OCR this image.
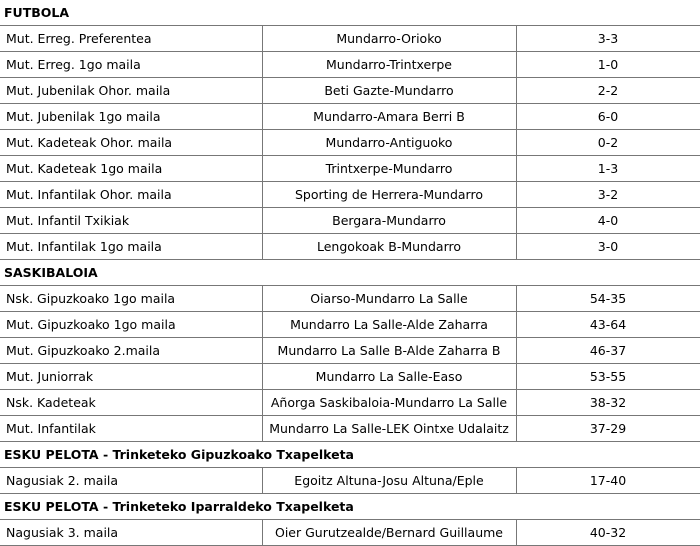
FUTBOLA		
Mut. Erreg. Preferentea	Mundarro-Orioko	3-3
Mut. Erreg. 1go maila	Mundarro-Trintxerpe	1-0
Mut. Jubenilak Ohor. maila	Beti Gazte-Mundarro	2-2
Mut. Jubenilak 1go maila	Mundarro-Amara Berri B	6-0
Mut. Kadeteak Ohor. maila	Mundarro-Antiguoko	0-2
Mut. Kadeteak 1go maila	Trintxerpe-Mundarro	1-3
Mut. Infantilak Ohor. maila	Sporting de Herrera-Mundarro	3-2
Mut. Infantil Txikiak	Bergara-Mundarro	4-0
Mut. Infantilak 1go maila	Lengokoak B-Mundarro	3-0
SASKIBALOIA		
Nsk. Gipuzkoako 1go maila	Oiarso-Mundarro La Salle	54-35
Mut. Gipuzkoako 1go maila	Mundarro La Salle-Alde Zaharra	43-64
Mut. Gipuzkoako 2.maila	Mundarro La Salle B-Alde Zaharra B	46-37
Mut. Juniorrak	Mundarro La Salle-Easo	53-55
Nsk. Kadeteak	Añorga Saskibaloia-Mundarro La Salle	38-32
Mut. Infantilak	Mundarro La Salle-LEK Ointxe Udalaitz	37-29
ESKU PELOTA - Trinketeko Gipuzkoako Txapelketa		
Nagusiak 2. maila	Egoitz Altuna-Josu Altuna/Eple	17-40
ESKU PELOTA - Trinketeko Iparraldeko Txapelketa		
Nagusiak 3. maila	Oier Gurutzealde/Bernard Guillaume	40-32
